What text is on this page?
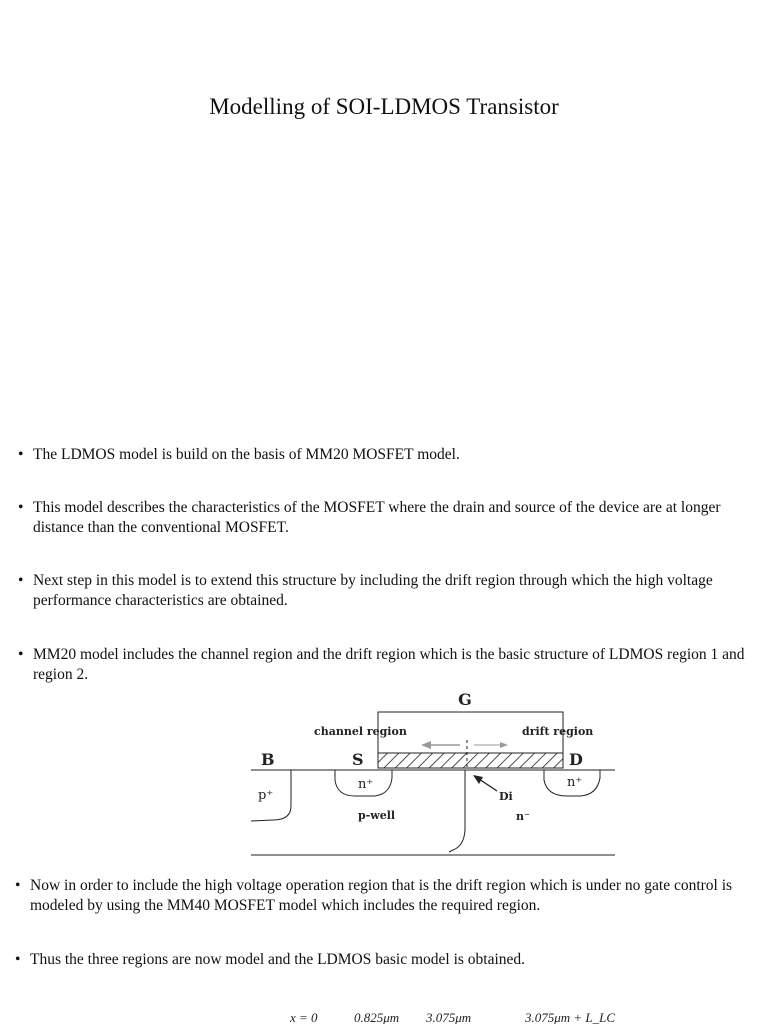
Modelling of SOI-LDMOS Transistor
• The LDMOS model is build on the basis of MM20 MOSFET model.
• This model describes the characteristics of the MOSFET where the drain and source of the device are at longer distance than the conventional MOSFET.
• Next step in this model is to extend this structure by including the drift region through which the high voltage performance characteristics are obtained.
• MM20 model includes the channel region and the drift region which is the basic structure of LDMOS region 1 and region 2.
G
channel region	drift region
B	S	D
p⁺
n⁺	n⁺
p-well
Di
n⁻
• Now in order to include the high voltage operation region that is the drift region which is under no gate control is modeled by using the MM40 MOSFET model which includes the required region.
• Thus the three regions are now model and the LDMOS basic model is obtained.
x = 0	0.825μm 3.075μm	3.075μm + L_LC
